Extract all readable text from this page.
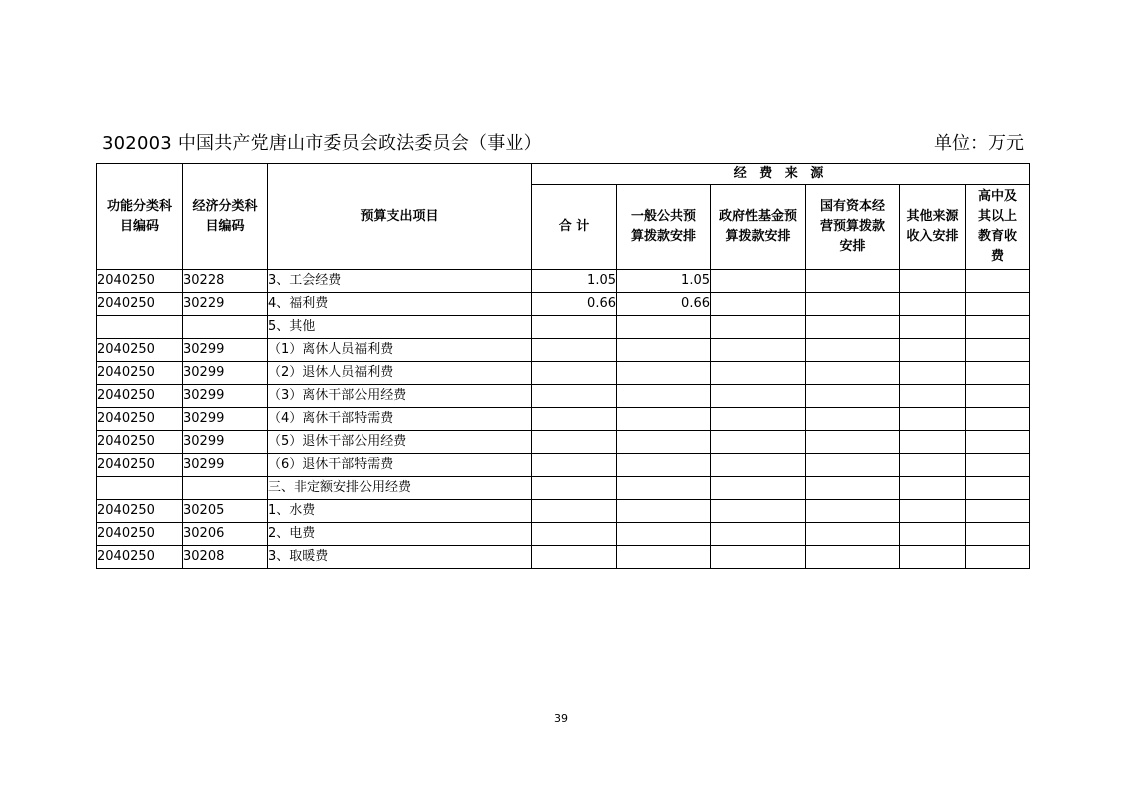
302003 中国共产党唐山市委员会政法委员会（事业）	单位：万元
功能分类科目编码	经济分类科目编码	预算支出项目	经 费 来 源					
			合 计	一般公共预算拨款安排	政府性基金预算拨款安排	国有资本经营预算拨款安排	其他来源收入安排	高中及其以上教育收费
2040250	30228	3、工会经费	1.05	1.05				
2040250	30229	4、福利费	0.66	0.66				
		5、其他						
2040250	30299	（1）离休人员福利费						
2040250	30299	（2）退休人员福利费						
2040250	30299	（3）离休干部公用经费						
2040250	30299	（4）离休干部特需费						
2040250	30299	（5）退休干部公用经费						
2040250	30299	（6）退休干部特需费						
		三、非定额安排公用经费						
2040250	30205	1、水费						
2040250	30206	2、电费						
2040250	30208	3、取暖费						
39
